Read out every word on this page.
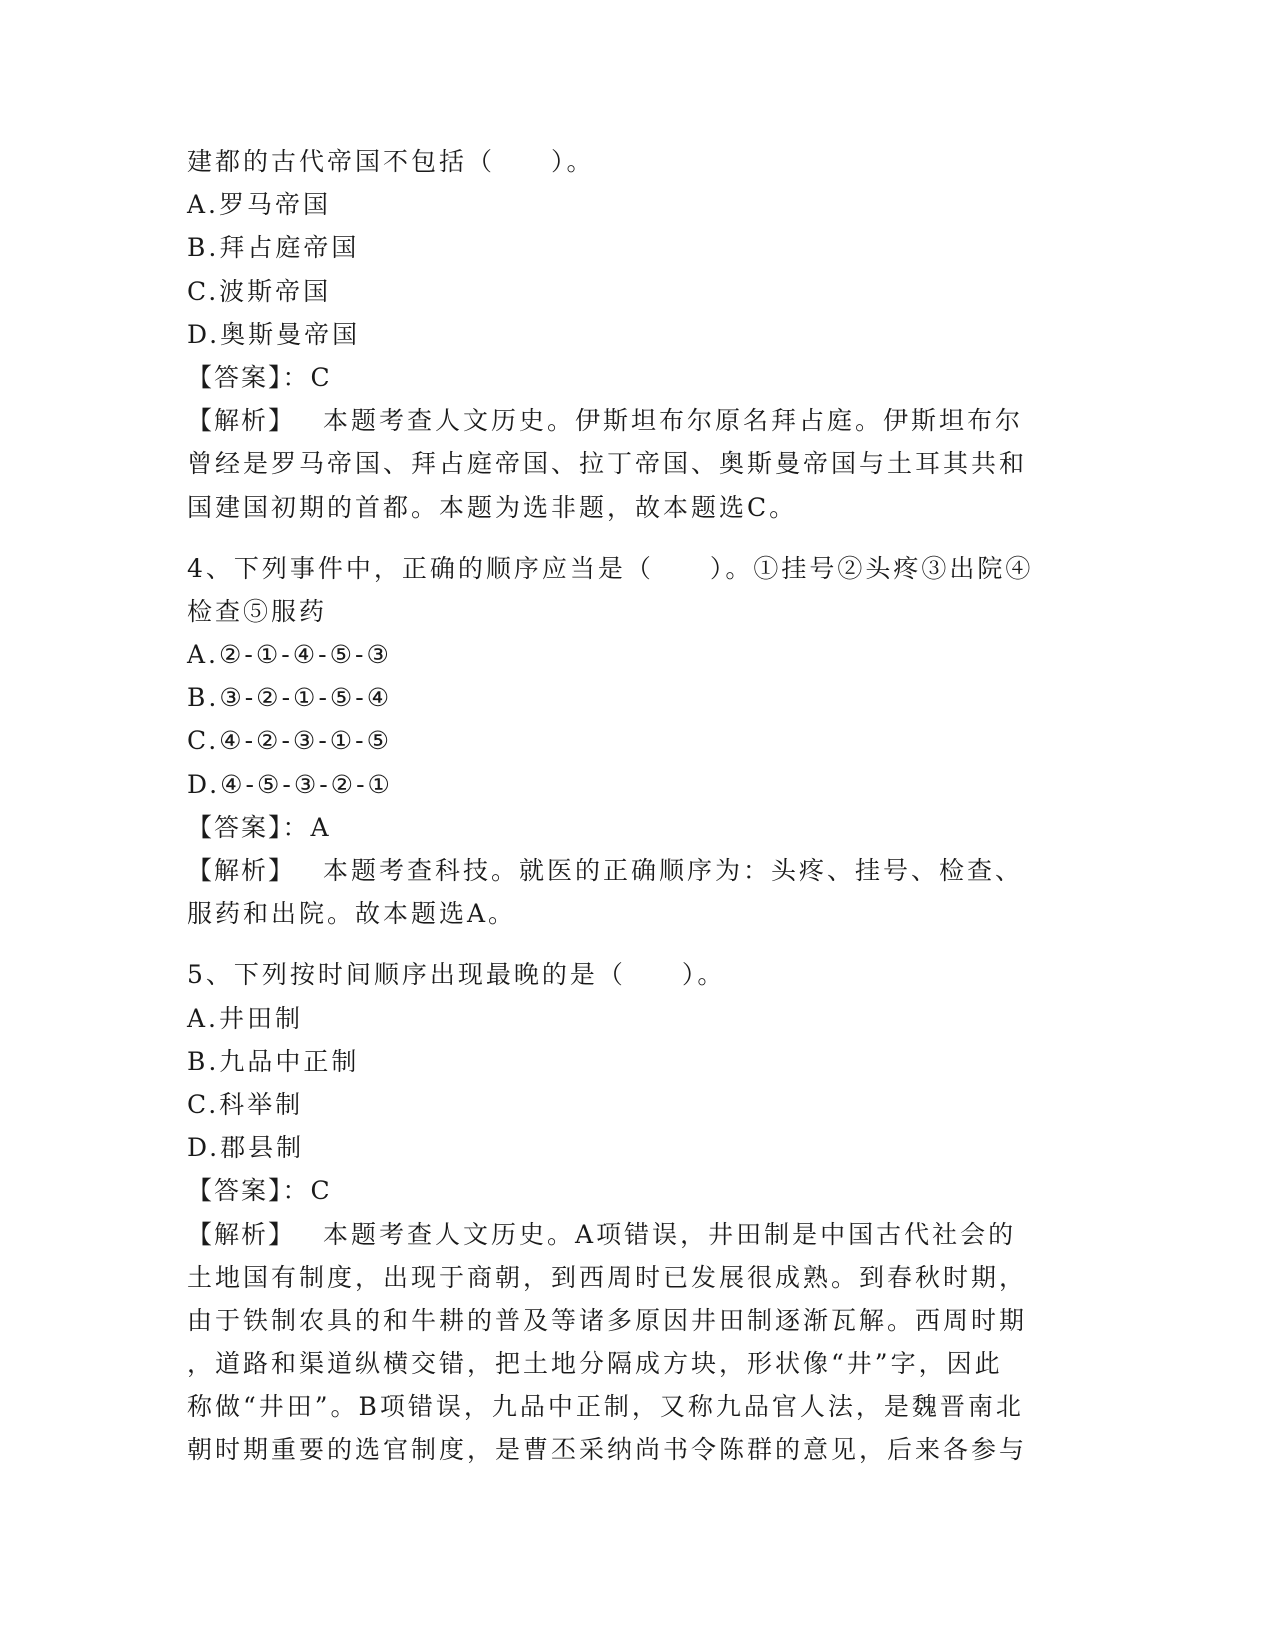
建都的古代帝国不包括（　　）。
A.罗马帝国
B.拜占庭帝国
C.波斯帝国
D.奥斯曼帝国
【答案】：C
【解析】 本题考查人文历史。伊斯坦布尔原名拜占庭。伊斯坦布尔
曾经是罗马帝国、拜占庭帝国、拉丁帝国、奥斯曼帝国与土耳其共和
国建国初期的首都。本题为选非题，故本题选C。
4、下列事件中，正确的顺序应当是（　　）。①挂号②头疼③出院④
检查⑤服药
A.②-①-④-⑤-③
B.③-②-①-⑤-④
C.④-②-③-①-⑤
D.④-⑤-③-②-①
【答案】：A
【解析】 本题考查科技。就医的正确顺序为：头疼、挂号、检查、
服药和出院。故本题选A。
5、下列按时间顺序出现最晚的是（　　）。
A.井田制
B.九品中正制
C.科举制
D.郡县制
【答案】：C
【解析】 本题考查人文历史。A项错误，井田制是中国古代社会的
土地国有制度，出现于商朝，到西周时已发展很成熟。到春秋时期，
由于铁制农具的和牛耕的普及等诸多原因井田制逐渐瓦解。西周时期
，道路和渠道纵横交错，把土地分隔成方块，形状像“井”字，因此
称做“井田”。B项错误，九品中正制，又称九品官人法，是魏晋南北
朝时期重要的选官制度，是曹丕采纳尚书令陈群的意见，后来各参与
